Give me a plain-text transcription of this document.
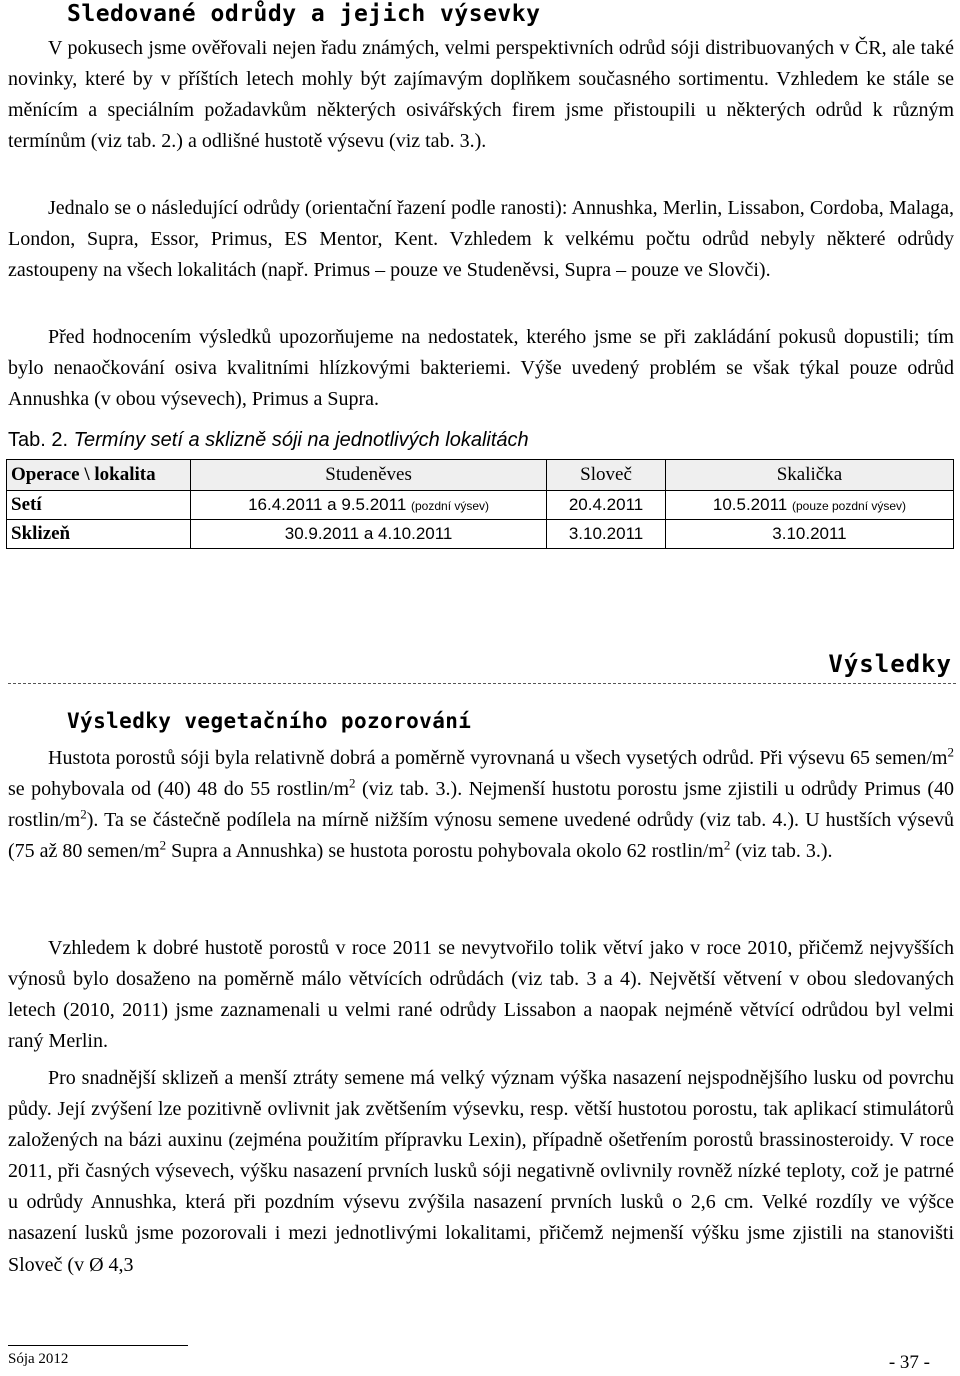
Sledované odrůdy a jejich výsevky

V pokusech jsme ověřovali nejen řadu známých, velmi perspektivních odrůd sóji distribuovaných v ČR, ale také novinky, které by v příštích letech mohly být zajímavým doplňkem současného sortimentu. Vzhledem ke stále se měnícím a speciálním požadavkům některých osivářských firem jsme přistoupili u některých odrůd k různým termínům (viz tab. 2.) a odlišné hustotě výsevu (viz tab. 3.).

Jednalo se o následující odrůdy (orientační řazení podle ranosti): Annushka, Merlin, Lissabon, Cordoba, Malaga, London, Supra, Essor, Primus, ES Mentor, Kent. Vzhledem k velkému počtu odrůd nebyly některé odrůdy zastoupeny na všech lokalitách (např. Primus – pouze ve Studeněvsi, Supra – pouze ve Slovči).

Před hodnocením výsledků upozorňujeme na nedostatek, kterého jsme se při zakládání pokusů dopustili; tím bylo nenaočkování osiva kvalitními hlízkovými bakteriemi. Výše uvedený problém se však týkal pouze odrůd Annushka (v obou výsevech), Primus a Supra.

Tab. 2. Termíny setí a sklizně sóji na jednotlivých lokalitách
Operace \ lokalita	Studeněves	Sloveč	Skalička
Setí	16.4.2011 a 9.5.2011 (pozdní výsev)	20.4.2011	10.5.2011 (pouze pozdní výsev)
Sklizeň	30.9.2011 a 4.10.2011	3.10.2011	3.10.2011
Výsledky
Výsledky vegetačního pozorování

Hustota porostů sóji byla relativně dobrá a poměrně vyrovnaná u všech vysetých odrůd. Při výsevu 65 semen/$m^2$ se pohybovala od (40) 48 do 55 rostlin/$m^2$ (viz tab. 3.). Nejmenší hustotu porostu jsme zjistili u odrůdy Primus (40 rostlin/$m^2$). Ta se částečně podílela na mírně nižším výnosu semene uvedené odrůdy (viz tab. 4.). U hustších výsevů (75 až 80 semen/$m^2$ Supra a Annushka) se hustota porostu pohybovala okolo 62 rostlin/$m^2$ (viz tab. 3.).

Vzhledem k dobré hustotě porostů v roce 2011 se nevytvořilo tolik větví jako v roce 2010, přičemž nejvyšších výnosů bylo dosaženo na poměrně málo větvících odrůdách (viz tab. 3 a 4). Největší větvení v obou sledovaných letech (2010, 2011) jsme zaznamenali u velmi rané odrůdy Lissabon a naopak nejméně větvící odrůdou byl velmi raný Merlin.

Pro snadnější sklizeň a menší ztráty semene má velký význam výška nasazení nejspodnějšího lusku od povrchu půdy. Její zvýšení lze pozitivně ovlivnit jak zvětšením výsevku, resp. větší hustotou porostu, tak aplikací stimulátorů založených na bázi auxinu (zejména použitím přípravku Lexin), případně ošetřením porostů brassinosteroidy. V roce 2011, při časných výsevech, výšku nasazení prvních lusků sóji negativně ovlivnily rovněž nízké teploty, což je patrné u odrůdy Annushka, která při pozdním výsevu zvýšila nasazení prvních lusků o 2,6 cm. Velké rozdíly ve výšce nasazení lusků jsme pozorovali i mezi jednotlivými lokalitami, přičemž nejmenší výšku jsme zjistili na stanovišti Sloveč (v Ø 4,3

Sója 2012	- 37 -
